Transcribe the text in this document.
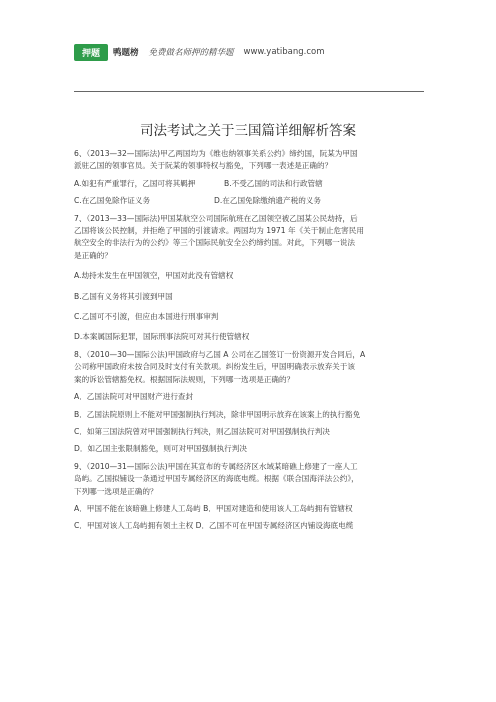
押题	鸭题榜 免费做名师押的精华题 www.yatibang.com
司法考试之关于三国篇详细解析答案

6、（2013—32—国际法)甲乙两国均为《维也纳领事关系公约》缔约国，阮某为甲国

派驻乙国的领事官员。关于阮某的领事特权与豁免，下列哪一表述是正确的？

A.如犯有严重罪行，乙国可将其羁押	B.不受乙国的司法和行政管辖

C.在乙国免除作证义务	D.在乙国免除缴纳遗产税的义务

7、（2013—33—国际法)甲国某航空公司国际航班在乙国领空被乙国某公民劫持，后

乙国将该公民控制，并拒绝了甲国的引渡请求。两国均为 1971 年《关于制止危害民用

航空安全的非法行为的公约》等三个国际民航安全公约缔约国。对此，下列哪一说法

是正确的？

A.劫持未发生在甲国领空，甲国对此没有管辖权

B.乙国有义务将其引渡到甲国

C.乙国可不引渡，但应由本国进行刑事审判

D.本案属国际犯罪，国际刑事法院可对其行使管辖权

8、（2010—30—国际公法)甲国政府与乙国 A 公司在乙国签订一份资源开发合同后，A

公司称甲国政府未按合同及时支付有关款项。纠纷发生后，甲国明确表示放弃关于该

案的诉讼管辖豁免权。根据国际法规则，下列哪一选项是正确的？

A．乙国法院可对甲国财产进行查封

B．乙国法院原则上不能对甲国强制执行判决，除非甲国明示放弃在该案上的执行豁免

C．如第三国法院曾对甲国强制执行判决，则乙国法院可对甲国强制执行判决

D．如乙国主张限制豁免，则可对甲国强制执行判决

9、（2010—31—国际公法)甲国在其宣布的专属经济区水域某暗礁上修建了一座人工

岛屿。乙国拟铺设一条通过甲国专属经济区的海底电缆。根据《联合国海洋法公约》，

下列哪一选项是正确的？

A．甲国不能在该暗礁上修建人工岛屿 B．甲国对建造和使用该人工岛屿拥有管辖权

C．甲国对该人工岛屿拥有领土主权 D．乙国不可在甲国专属经济区内铺设海底电缆
